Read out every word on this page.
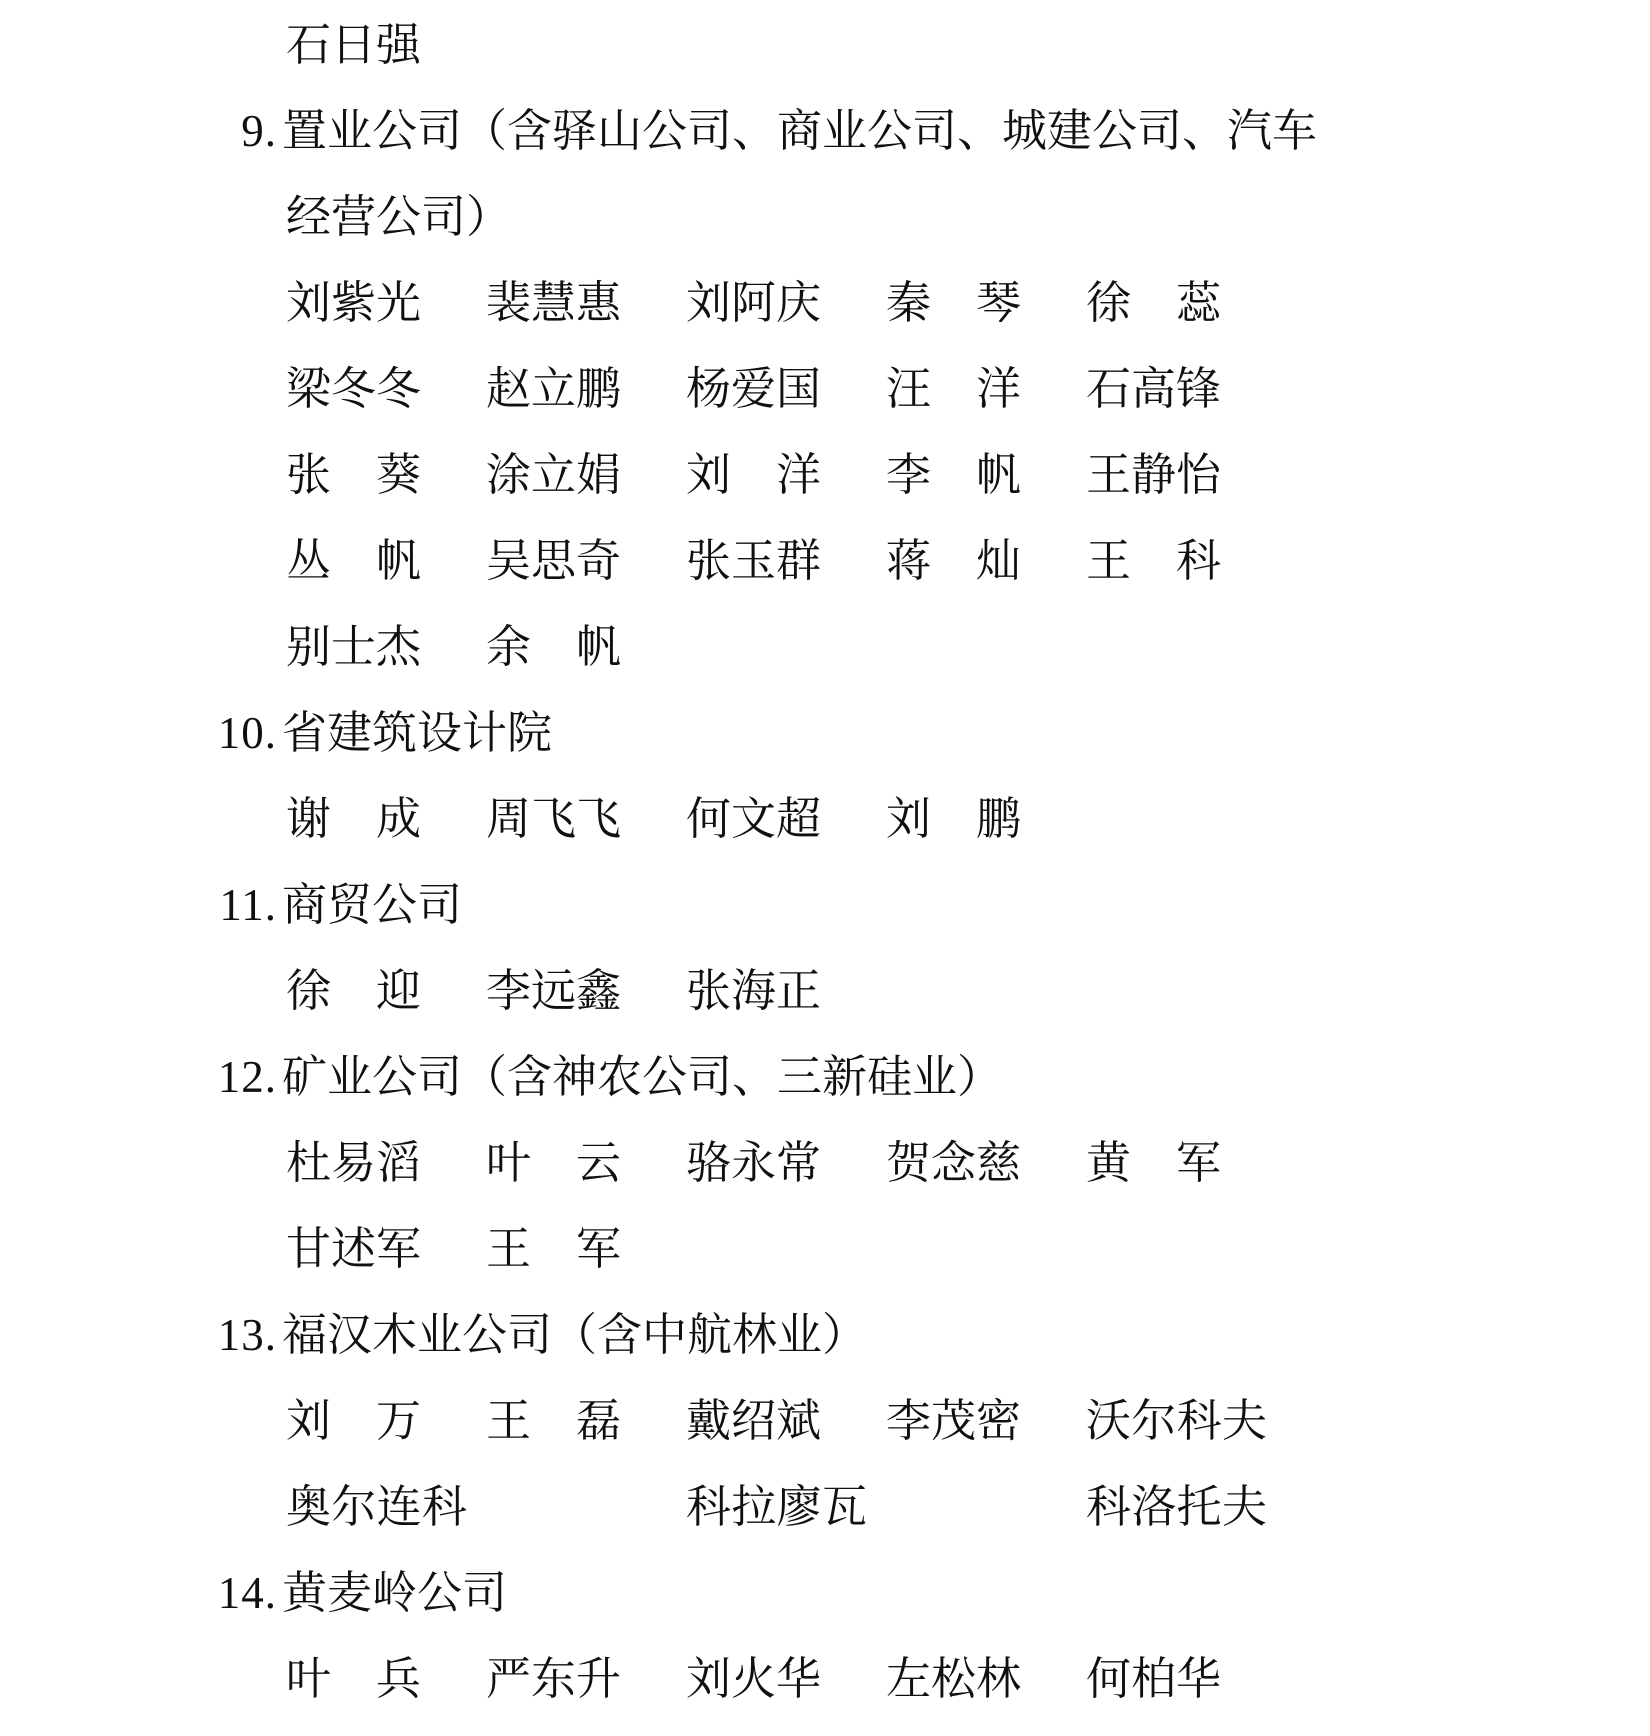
石日强
9. 置业公司（含驿山公司、商业公司、城建公司、汽车
经营公司）
刘紫光 裴慧惠 刘阿庆 秦琴 徐蕊
梁冬冬 赵立鹏 杨爱国 汪洋 石高锋
张葵 涂立娟 刘洋 李帆 王静怡
丛帆 吴思奇 张玉群 蒋灿 王科
别士杰 余帆
10. 省建筑设计院
谢成 周飞飞 何文超 刘鹏
11. 商贸公司
徐迎 李远鑫 张海正
12. 矿业公司（含神农公司、三新硅业）
杜易滔 叶云 骆永常 贺念慈 黄军
甘述军 王军
13. 福汉木业公司（含中航林业）
刘万 王磊 戴绍斌 李茂密 沃尔科夫
奥尔连科	科拉廖瓦	科洛托夫
14. 黄麦岭公司
叶兵 严东升 刘火华 左松林 何柏华
